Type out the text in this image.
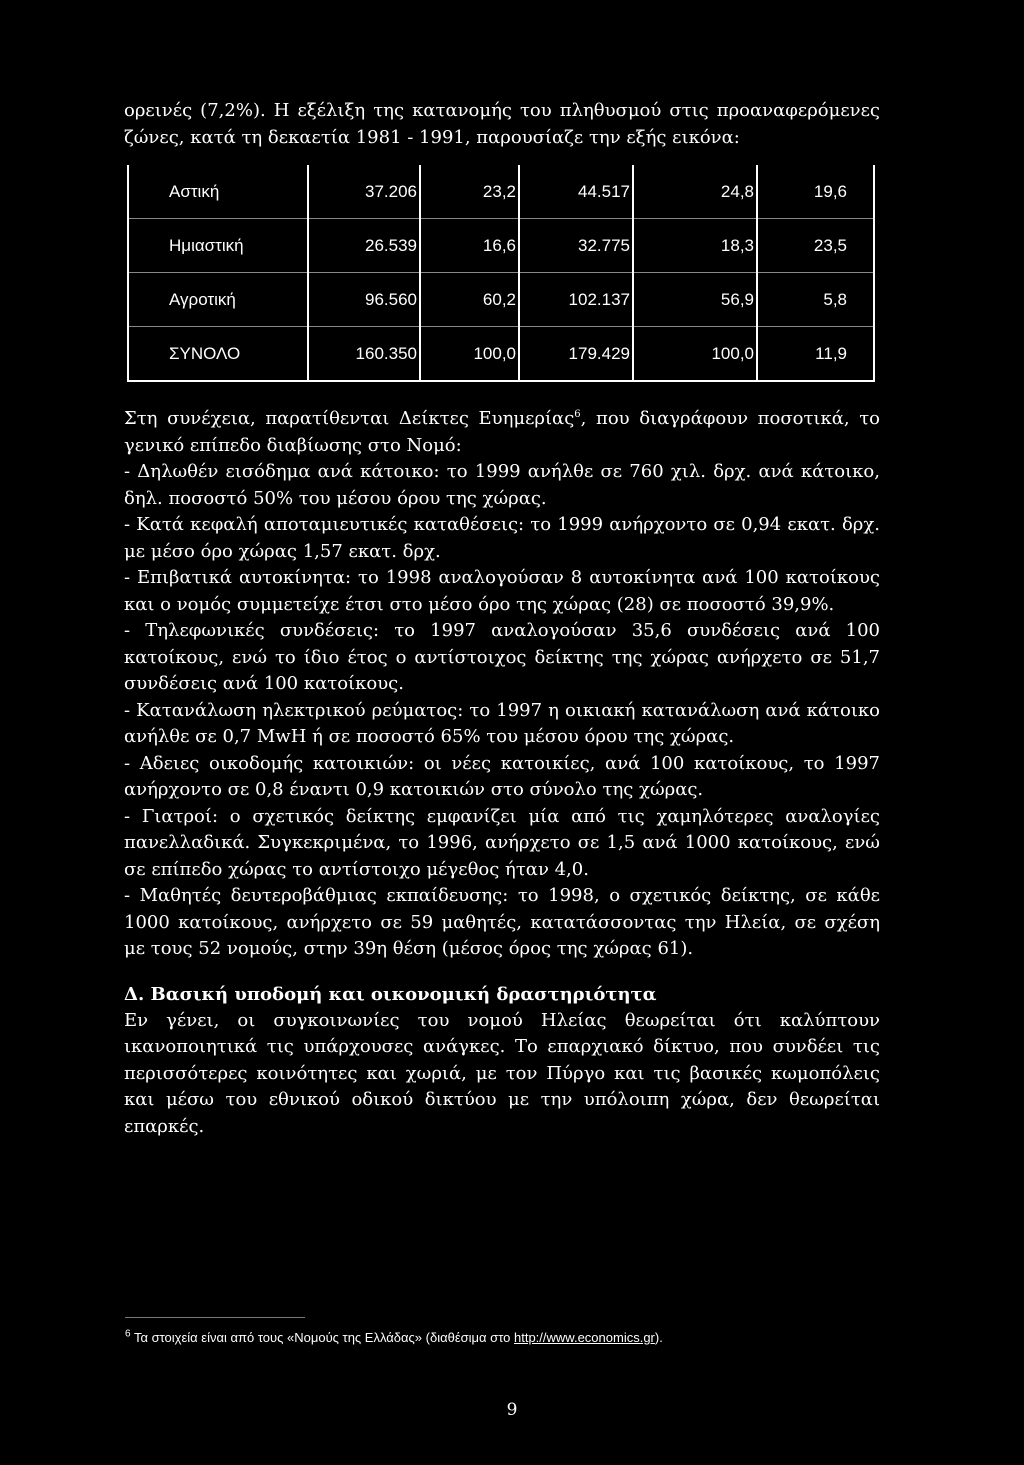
ορεινές (7,2%). Η εξέλιξη της κατανομής του πληθυσμού στις προαναφερόμενες ζώνες, κατά τη δεκαετία 1981 - 1991, παρουσίαζε την εξής εικόνα:

Αστική	37.206	23,2	44.517	24,8	19,6
Ημιαστική	26.539	16,6	32.775	18,3	23,5
Αγροτική	96.560	60,2	102.137	56,9	5,8
ΣΥΝΟΛΟ	160.350	100,0	179.429	100,0	11,9

Στη συνέχεια, παρατίθενται Δείκτες Ευημερίας$^6$, που διαγράφουν ποσοτικά, το γενικό επίπεδο διαβίωσης στο Νομό:

- Δηλωθέν εισόδημα ανά κάτοικο: το 1999 ανήλθε σε 760 χιλ. δρχ. ανά κάτοικο, δηλ. ποσοστό 50% του μέσου όρου της χώρας.

- Κατά κεφαλή αποταμιευτικές καταθέσεις: το 1999 ανήρχοντο σε 0,94 εκατ. δρχ. με μέσο όρο χώρας 1,57 εκατ. δρχ.

- Επιβατικά αυτοκίνητα: το 1998 αναλογούσαν 8 αυτοκίνητα ανά 100 κατοίκους και ο νομός συμμετείχε έτσι στο μέσο όρο της χώρας (28) σε ποσοστό 39,9%.

- Τηλεφωνικές συνδέσεις: το 1997 αναλογούσαν 35,6 συνδέσεις ανά 100 κατοίκους, ενώ το ίδιο έτος ο αντίστοιχος δείκτης της χώρας ανήρχετο σε 51,7 συνδέσεις ανά 100 κατοίκους.

- Κατανάλωση ηλεκτρικού ρεύματος: το 1997 η οικιακή κατανάλωση ανά κάτοικο ανήλθε σε 0,7 MwH ή σε ποσοστό 65% του μέσου όρου της χώρας.

- Αδειες οικοδομής κατοικιών: οι νέες κατοικίες, ανά 100 κατοίκους, το 1997 ανήρχοντο σε 0,8 έναντι 0,9 κατοικιών στο σύνολο της χώρας.

- Γιατροί: ο σχετικός δείκτης εμφανίζει μία από τις χαμηλότερες αναλογίες πανελλαδικά. Συγκεκριμένα, το 1996, ανήρχετο σε 1,5 ανά 1000 κατοίκους, ενώ σε επίπεδο χώρας το αντίστοιχο μέγεθος ήταν 4,0.

- Μαθητές δευτεροβάθμιας εκπαίδευσης: το 1998, ο σχετικός δείκτης, σε κάθε 1000 κατοίκους, ανήρχετο σε 59 μαθητές, κατατάσσοντας την Ηλεία, σε σχέση με τους 52 νομούς, στην 39η θέση (μέσος όρος της χώρας 61).

Δ. Βασική υποδομή και οικονομική δραστηριότητα

Εν γένει, οι συγκοινωνίες του νομού Ηλείας θεωρείται ότι καλύπτουν ικανοποιητικά τις υπάρχουσες ανάγκες. Το επαρχιακό δίκτυο, που συνδέει τις περισσότερες κοινότητες και χωριά, με τον Πύργο και τις βασικές κωμοπόλεις και μέσω του εθνικού οδικού δικτύου με την υπόλοιπη χώρα, δεν θεωρείται επαρκές.

$^6$ Τα στοιχεία είναι από τους «Νομούς της Ελλάδας» (διαθέσιμα στο http://www.economics.gr).
9
